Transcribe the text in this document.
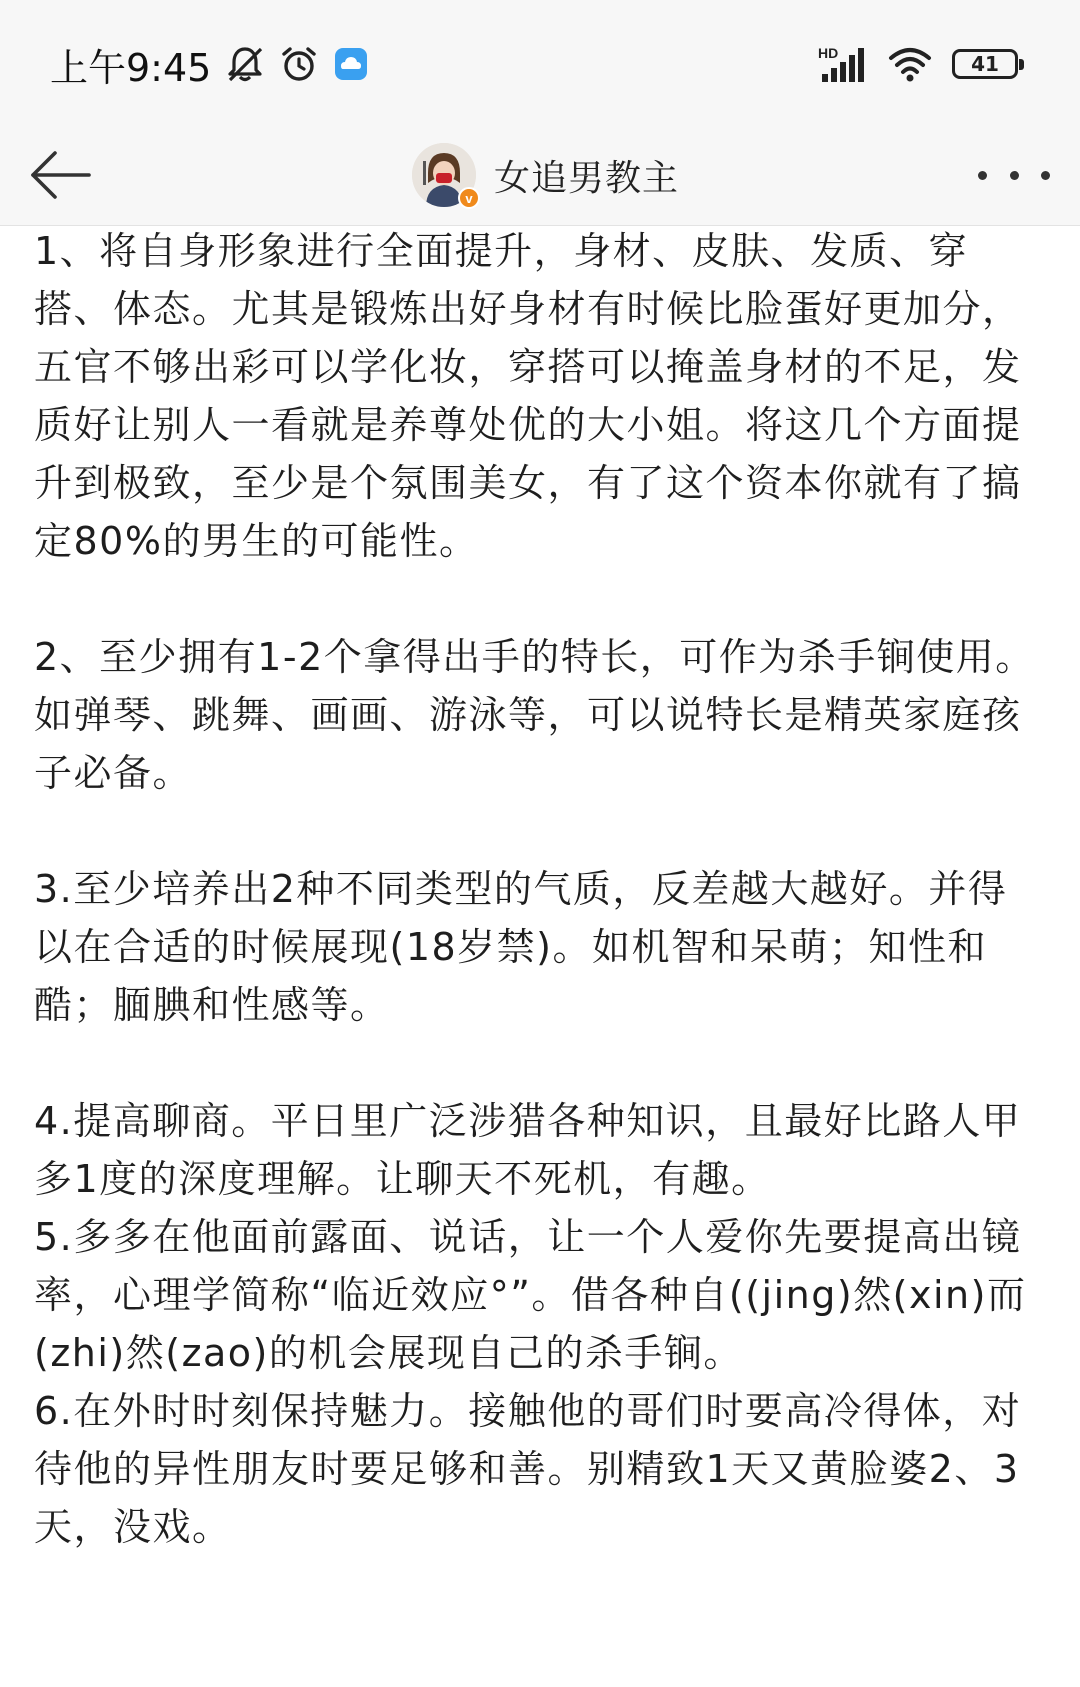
上午9:45	HD	41
v 女追男教主

1、将自身形象进行全面提升，身材、皮肤、发质、穿搭、体态。尤其是锻炼出好身材有时候比脸蛋好更加分，五官不够出彩可以学化妆，穿搭可以掩盖身材的不足，发质好让别人一看就是养尊处优的大小姐。将这几个方面提升到极致，至少是个氛围美女，有了这个资本你就有了搞定80%的男生的可能性。

2、至少拥有1-2个拿得出手的特长，可作为杀手锏使用。如弹琴、跳舞、画画、游泳等，可以说特长是精英家庭孩子必备。

3.至少培养出2种不同类型的气质，反差越大越好。并得以在合适的时候展现(18岁禁)。如机智和呆萌；知性和酷；腼腆和性感等。

4.提高聊商。平日里广泛涉猎各种知识，且最好比路人甲多1度的深度理解。让聊天不死机，有趣。

5.多多在他面前露面、说话，让一个人爱你先要提高出镜率，心理学简称“临近效应°”。借各种自((jing)然(xin)而(zhi)然(zao)的机会展现自己的杀手锏。

6.在外时时刻保持魅力。接触他的哥们时要高冷得体，对待他的异性朋友时要足够和善。别精致1天又黄脸婆2、3天，没戏。
